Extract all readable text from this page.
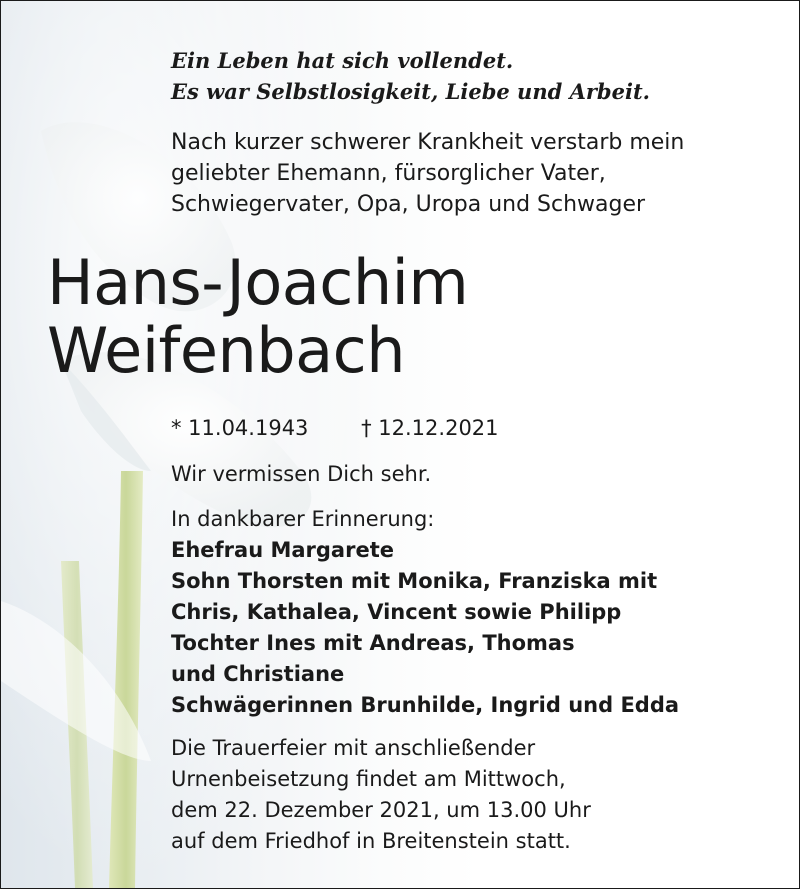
Ein Leben hat sich vollendet.
Es war Selbstlosigkeit, Liebe und Arbeit.

Nach kurzer schwerer Krankheit verstarb mein
geliebter Ehemann, fürsorglicher Vater,
Schwiegervater, Opa, Uropa und Schwager

Hans-Joachim
Weifenbach
* 11.04.1943	† 12.12.2021

Wir vermissen Dich sehr.

In dankbarer Erinnerung:

Ehefrau Margarete
Sohn Thorsten mit Monika, Franziska mit
Chris, Kathalea, Vincent sowie Philipp
Tochter Ines mit Andreas, Thomas
und Christiane
Schwägerinnen Brunhilde, Ingrid und Edda

Die Trauerfeier mit anschließender
Urnenbeisetzung findet am Mittwoch,
dem 22. Dezember 2021, um 13.00 Uhr
auf dem Friedhof in Breitenstein statt.
